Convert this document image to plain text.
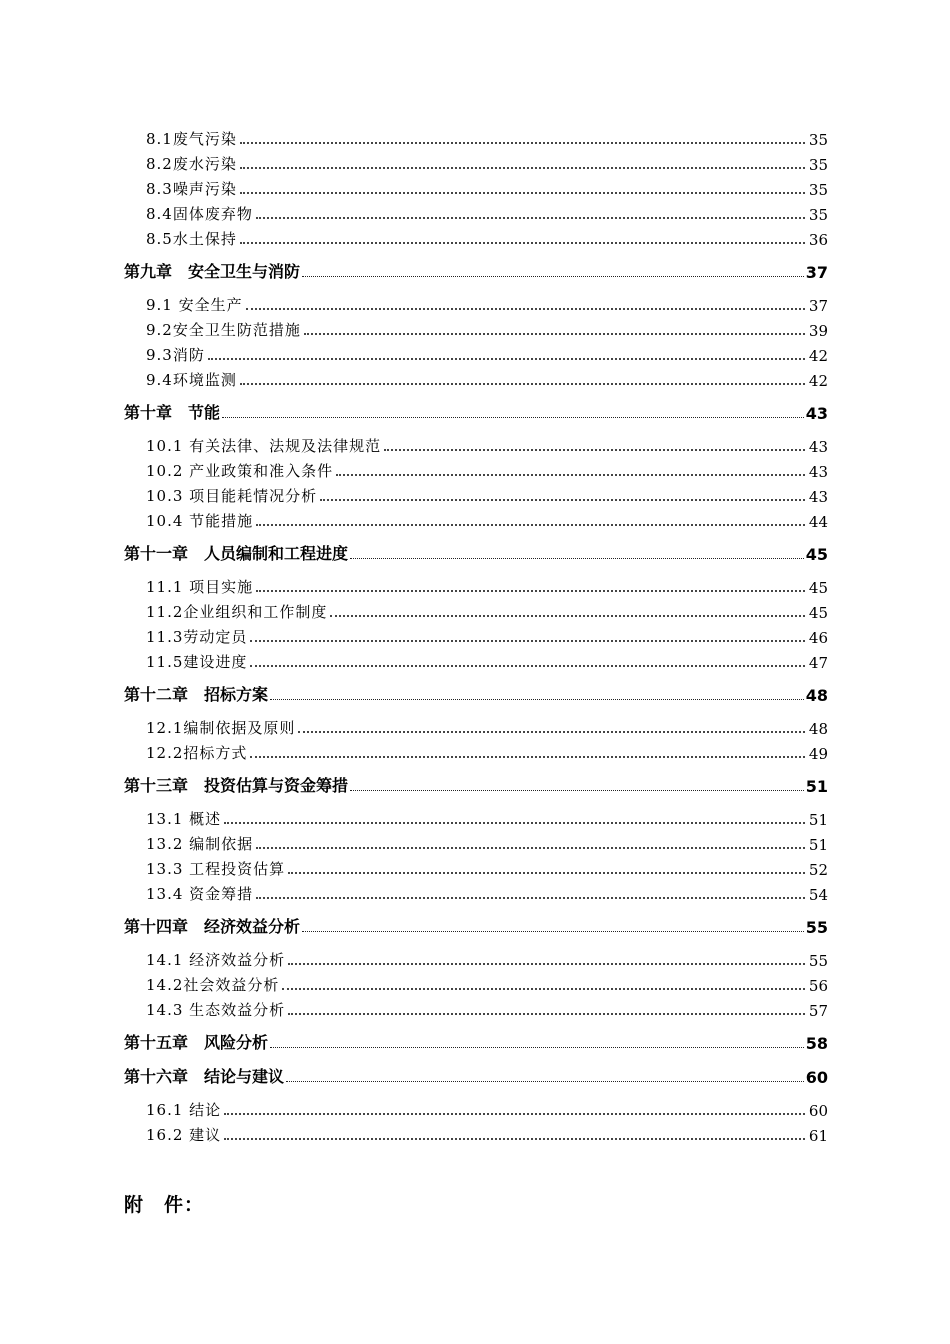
8.1废气污染	35
8.2废水污染	35
8.3噪声污染	35
8.4固体废弃物	35
8.5水土保持	36
第九章　安全卫生与消防	37
9.1 安全生产	37
9.2安全卫生防范措施	39
9.3消防	42
9.4环境监测	42
第十章　节能	43
10.1 有关法律、法规及法律规范	43
10.2 产业政策和准入条件	43
10.3 项目能耗情况分析	43
10.4 节能措施	44
第十一章　人员编制和工程进度	45
11.1 项目实施	45
11.2企业组织和工作制度	45
11.3劳动定员	46
11.5建设进度	47
第十二章　招标方案	48
12.1编制依据及原则	48
12.2招标方式	49
第十三章　投资估算与资金筹措	51
13.1 概述	51
13.2 编制依据	51
13.3 工程投资估算	52
13.4 资金筹措	54
第十四章　经济效益分析	55
14.1 经济效益分析	55
14.2社会效益分析	56
14.3 生态效益分析	57
第十五章　风险分析	58
第十六章　结论与建议	60
16.1 结论	60
16.2 建议	61
附　件：
